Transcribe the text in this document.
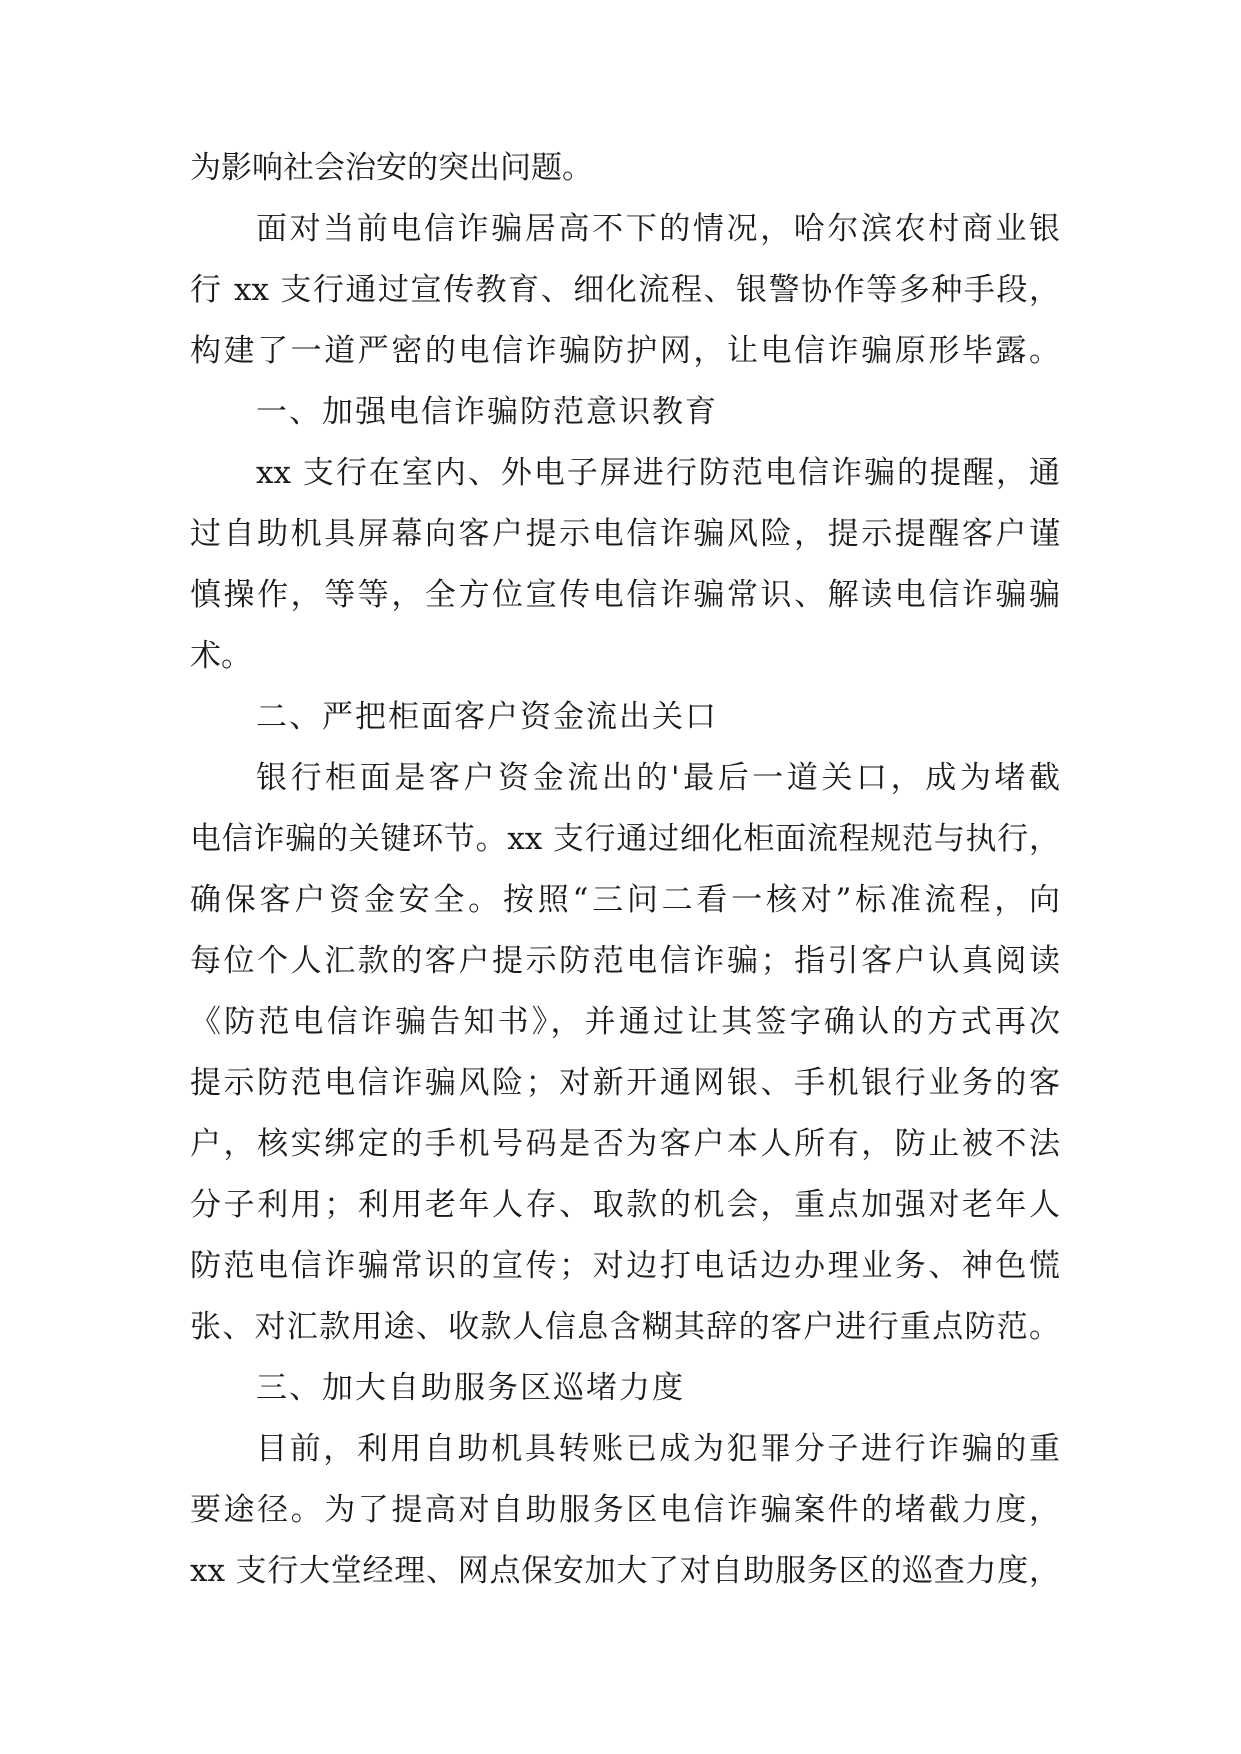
为影响社会治安的突出问题。
面对当前电信诈骗居高不下的情况，哈尔滨农村商业银
行 xx 支行通过宣传教育、细化流程、银警协作等多种手段，
构建了一道严密的电信诈骗防护网，让电信诈骗原形毕露。
一、加强电信诈骗防范意识教育
xx 支行在室内、外电子屏进行防范电信诈骗的提醒，通
过自助机具屏幕向客户提示电信诈骗风险，提示提醒客户谨
慎操作，等等，全方位宣传电信诈骗常识、解读电信诈骗骗
术。
二、严把柜面客户资金流出关口
银行柜面是客户资金流出的'最后一道关口，成为堵截
电信诈骗的关键环节。xx 支行通过细化柜面流程规范与执行，
确保客户资金安全。按照“三问二看一核对”标准流程，向
每位个人汇款的客户提示防范电信诈骗；指引客户认真阅读
《防范电信诈骗告知书》，并通过让其签字确认的方式再次
提示防范电信诈骗风险；对新开通网银、手机银行业务的客
户，核实绑定的手机号码是否为客户本人所有，防止被不法
分子利用；利用老年人存、取款的机会，重点加强对老年人
防范电信诈骗常识的宣传；对边打电话边办理业务、神色慌
张、对汇款用途、收款人信息含糊其辞的客户进行重点防范。
三、加大自助服务区巡堵力度
目前，利用自助机具转账已成为犯罪分子进行诈骗的重
要途径。为了提高对自助服务区电信诈骗案件的堵截力度，
xx 支行大堂经理、网点保安加大了对自助服务区的巡查力度，
